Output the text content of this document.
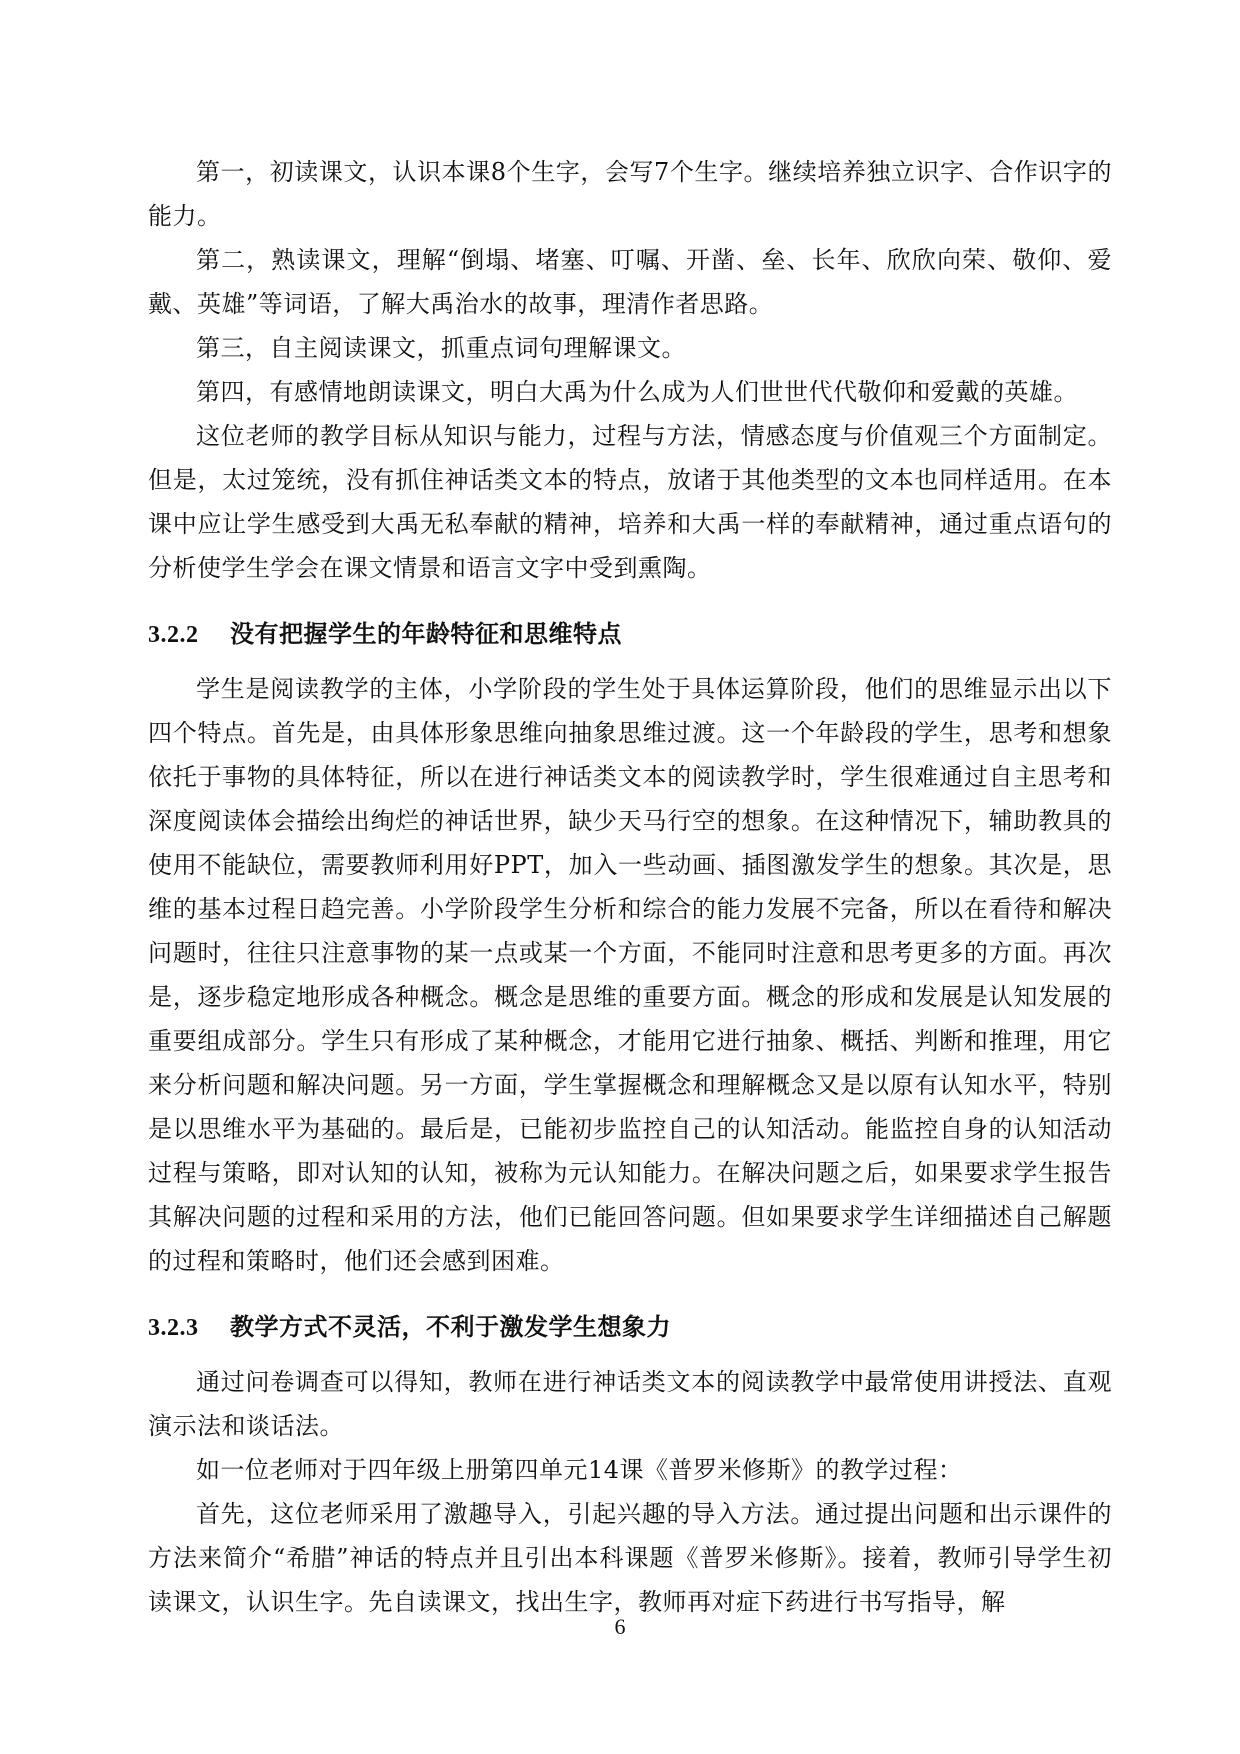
第一，初读课文，认识本课8个生字，会写7个生字。继续培养独立识字、合作识字的能力。

第二，熟读课文，理解“倒塌、堵塞、叮嘱、开凿、垒、长年、欣欣向荣、敬仰、爱戴、英雄”等词语，了解大禹治水的故事，理清作者思路。

第三，自主阅读课文，抓重点词句理解课文。

第四，有感情地朗读课文，明白大禹为什么成为人们世世代代敬仰和爱戴的英雄。

这位老师的教学目标从知识与能力，过程与方法，情感态度与价值观三个方面制定。但是，太过笼统，没有抓住神话类文本的特点，放诸于其他类型的文本也同样适用。在本课中应让学生感受到大禹无私奉献的精神，培养和大禹一样的奉献精神，通过重点语句的分析使学生学会在课文情景和语言文字中受到熏陶。

3.2.2 没有把握学生的年龄特征和思维特点

学生是阅读教学的主体，小学阶段的学生处于具体运算阶段，他们的思维显示出以下四个特点。首先是，由具体形象思维向抽象思维过渡。这一个年龄段的学生，思考和想象依托于事物的具体特征，所以在进行神话类文本的阅读教学时，学生很难通过自主思考和深度阅读体会描绘出绚烂的神话世界，缺少天马行空的想象。在这种情况下，辅助教具的使用不能缺位，需要教师利用好PPT，加入一些动画、插图激发学生的想象。其次是，思维的基本过程日趋完善。小学阶段学生分析和综合的能力发展不完备，所以在看待和解决问题时，往往只注意事物的某一点或某一个方面，不能同时注意和思考更多的方面。再次是，逐步稳定地形成各种概念。概念是思维的重要方面。概念的形成和发展是认知发展的重要组成部分。学生只有形成了某种概念，才能用它进行抽象、概括、判断和推理，用它来分析问题和解决问题。另一方面，学生掌握概念和理解概念又是以原有认知水平，特别是以思维水平为基础的。最后是，已能初步监控自己的认知活动。能监控自身的认知活动过程与策略，即对认知的认知，被称为元认知能力。在解决问题之后，如果要求学生报告其解决问题的过程和采用的方法，他们已能回答问题。但如果要求学生详细描述自己解题的过程和策略时，他们还会感到困难。

3.2.3 教学方式不灵活，不利于激发学生想象力

通过问卷调查可以得知，教师在进行神话类文本的阅读教学中最常使用讲授法、直观演示法和谈话法。

如一位老师对于四年级上册第四单元14课《普罗米修斯》的教学过程：

首先，这位老师采用了激趣导入，引起兴趣的导入方法。通过提出问题和出示课件的方法来简介“希腊”神话的特点并且引出本科课题《普罗米修斯》。接着，教师引导学生初读课文，认识生字。先自读课文，找出生字，教师再对症下药进行书写指导，解

6
